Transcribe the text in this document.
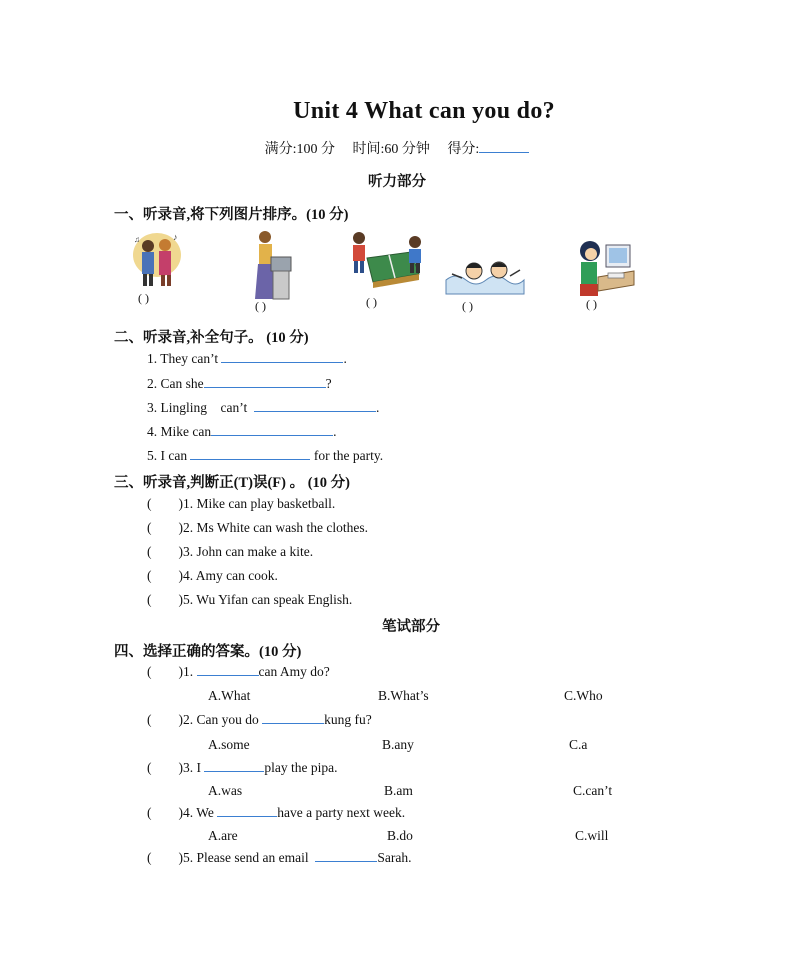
Unit 4 What can you do?
满分:100 分 时间:60 分钟 得分:
听力部分
一、听录音,将下列图片排序。(10 分)
♪
♫
( )
( )	( )	( )	( )
二、听录音,补全句子。 (10 分)
1. They can’t	.
2. Can she	?
3. Lingling    can’t	.
4. Mike can	.
5. I can	for the party.
三、听录音,判断正(T)误(F) 。 (10 分)
(        )1. Mike can play basketball.
(        )2. Ms White can wash the clothes.
(        )3. John can make a kite.
(        )4. Amy can cook.
(        )5. Wu Yifan can speak English.
笔试部分
四、选择正确的答案。(10 分)
(        )1.	can Amy do?
A.What	B.What’s	C.Who
(        )2. Can you do	kung fu?
A.some	B.any	C.a
(        )3. I	play the pipa.
A.was	B.am	C.can’t
(        )4. We	have a party next week.
A.are	B.do	C.will
(        )5. Please send an email	Sarah.
